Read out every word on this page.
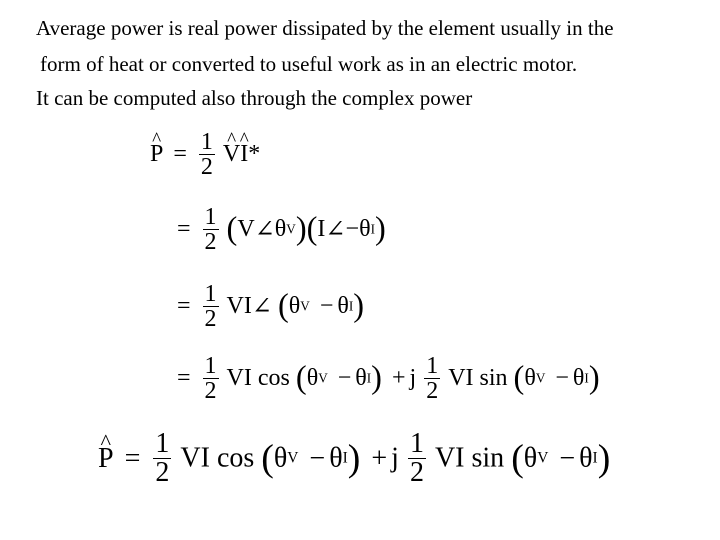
Average power is real power dissipated by the element usually in the
form of heat or converted to useful work as in an electric motor.
It can be computed also through the complex power
^ $P = \frac{1}{2}$
^ V^ I*
= $\frac{1}{2}$ (V∠θV)(I∠−θI)
= $\frac{1}{2}$ VI∠ (θV − θI)
= $\frac{1}{2}$ VI cos (θV − θI) + j $\frac{1}{2}$ VI sin (θV − θI)
^ $P = \frac{1}{2}$ VI cos (θV − θI) + j $\frac{1}{2}$ VI sin (θV − θI)
